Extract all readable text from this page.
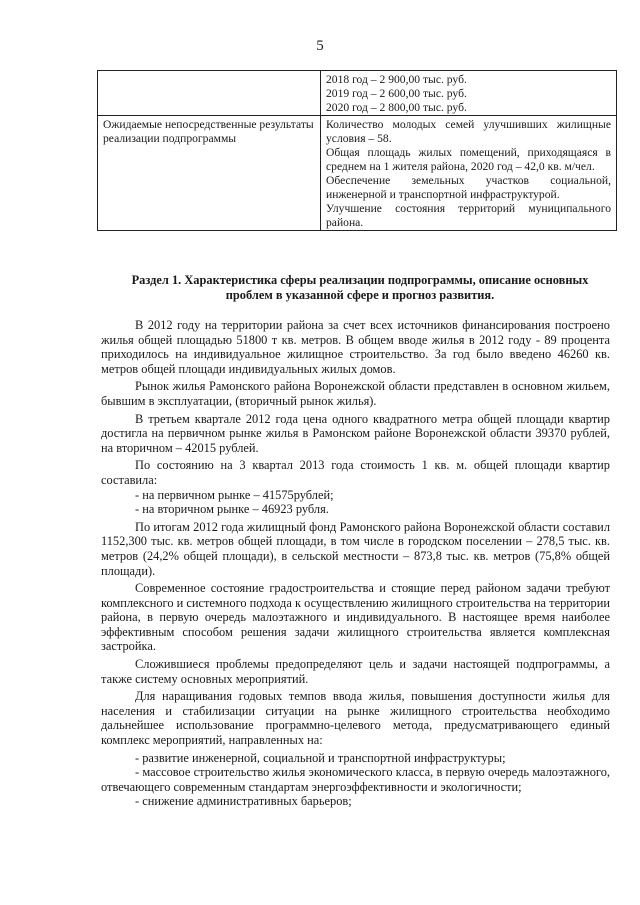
5

	2018 год – 2 900,00 тыс. руб.
2019 год – 2 600,00 тыс. руб.
2020 год – 2 800,00 тыс. руб.

Ожидаемые непосредственные результаты реализации подпрограммы	Количество молодых семей улучшивших жилищные условия – 58.
Общая площадь жилых помещений, приходящаяся в среднем на 1 жителя района, 2020 год – 42,0 кв. м/чел.
Обеспечение земельных участков социальной, инженерной и транспортной инфраструктурой.
Улучшение состояния территорий муниципального района.
Раздел 1. Характеристика сферы реализации подпрограммы, описание основных проблем в указанной сфере и прогноз развития.

В 2012 году на территории района за счет всех источников финансирования построено жилья общей площадью 51800 т кв. метров. В общем вводе жилья в 2012 году - 89 процента приходилось на индивидуальное жилищное строительство. За год было введено 46260 кв. метров общей площади индивидуальных жилых домов.

Рынок жилья Рамонского района Воронежской области представлен в основном жильем, бывшим в эксплуатации, (вторичный рынок жилья).

В третьем квартале 2012 года цена одного квадратного метра общей площади квартир достигла на первичном рынке жилья в Рамонском районе Воронежской области 39370 рублей, на вторичном – 42015 рублей.

По состоянию на 3 квартал 2013 года стоимость 1 кв. м. общей площади квартир составила:

- на первичном рынке – 41575рублей;

- на вторичном рынке – 46923 рубля.

По итогам 2012 года жилищный фонд Рамонского района Воронежской области составил 1152,300 тыс. кв. метров общей площади, в том числе в городском поселении – 278,5 тыс. кв. метров (24,2% общей площади), в сельской местности – 873,8 тыс. кв. метров (75,8% общей площади).

Современное состояние градостроительства и стоящие перед районом задачи требуют комплексного и системного подхода к осуществлению жилищного строительства на территории района, в первую очередь малоэтажного и индивидуального. В настоящее время наиболее эффективным способом решения задачи жилищного строительства является комплексная застройка.

Сложившиеся проблемы предопределяют цель и задачи настоящей подпрограммы, а также систему основных мероприятий.

Для наращивания годовых темпов ввода жилья, повышения доступности жилья для населения и стабилизации ситуации на рынке жилищного строительства необходимо дальнейшее использование программно-целевого метода, предусматривающего единый комплекс мероприятий, направленных на:

- развитие инженерной, социальной и транспортной инфраструктуры;

- массовое строительство жилья экономического класса, в первую очередь малоэтажного, отвечающего современным стандартам энергоэффективности и экологичности;

- снижение административных барьеров;
